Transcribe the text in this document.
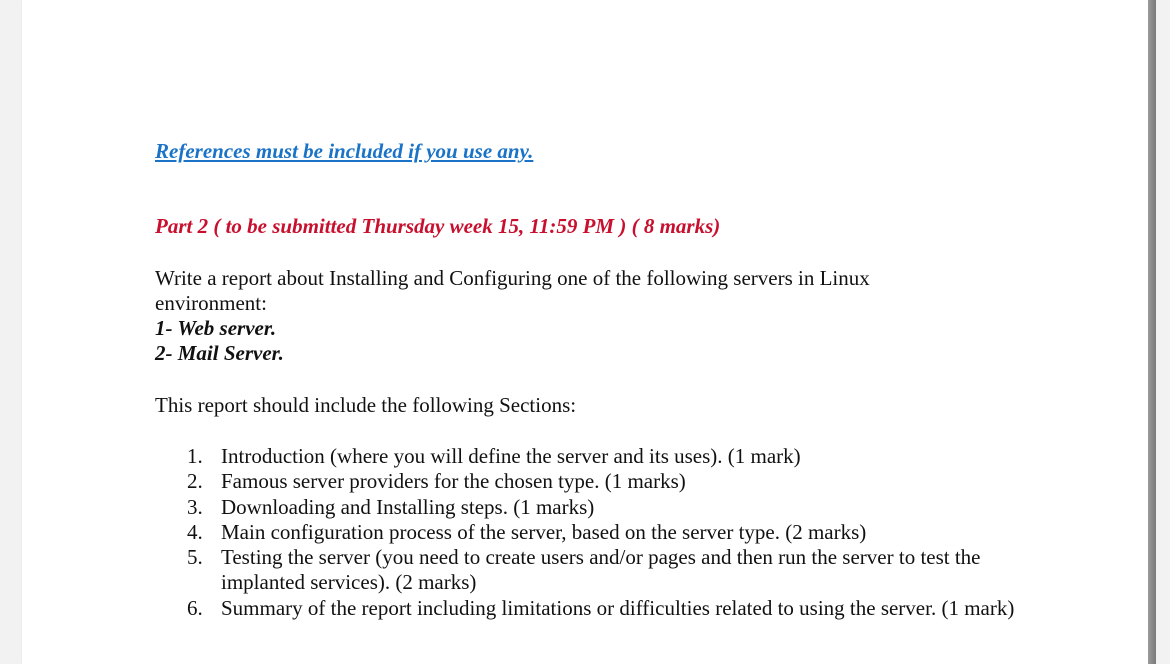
References must be included if you use any.
Part 2 ( to be submitted Thursday week 15, 11:59 PM ) ( 8 marks)
Write a report about Installing and Configuring one of the following servers in Linux environment:
1- Web server.
2- Mail Server.
This report should include the following Sections:
1. Introduction (where you will define the server and its uses). (1 mark)
2. Famous server providers for the chosen type. (1 marks)
3. Downloading and Installing steps. (1 marks)
4. Main configuration process of the server, based on the server type. (2 marks)
5. Testing the server (you need to create users and/or pages and then run the server to test the implanted services). (2 marks)
6. Summary of the report including limitations or difficulties related to using the server. (1 mark)
